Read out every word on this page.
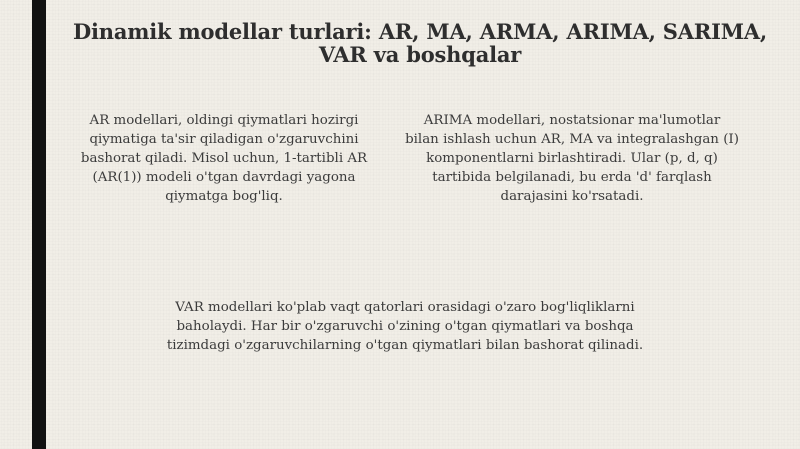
Dinamik modellar turlari: AR, MA, ARMA, ARIMA, SARIMA, VAR va boshqalar

AR modellari, oldingi qiymatlari hozirgi
qiymatiga ta'sir qiladigan o'zgaruvchini
bashorat qiladi. Misol uchun, 1-tartibli AR
(AR(1)) modeli o'tgan davrdagi yagona
qiymatga bog'liq.

ARIMA modellari, nostatsionar ma'lumotlar
bilan ishlash uchun AR, MA va integralashgan (I)
komponentlarni birlashtiradi. Ular (p, d, q)
tartibida belgilanadi, bu erda 'd' farqlash
darajasini ko'rsatadi.

VAR modellari ko'plab vaqt qatorlari orasidagi o'zaro bog'liqliklarni
baholaydi. Har bir o'zgaruvchi o'zining o'tgan qiymatlari va boshqa
tizimdagi o'zgaruvchilarning o'tgan qiymatlari bilan bashorat qilinadi.
